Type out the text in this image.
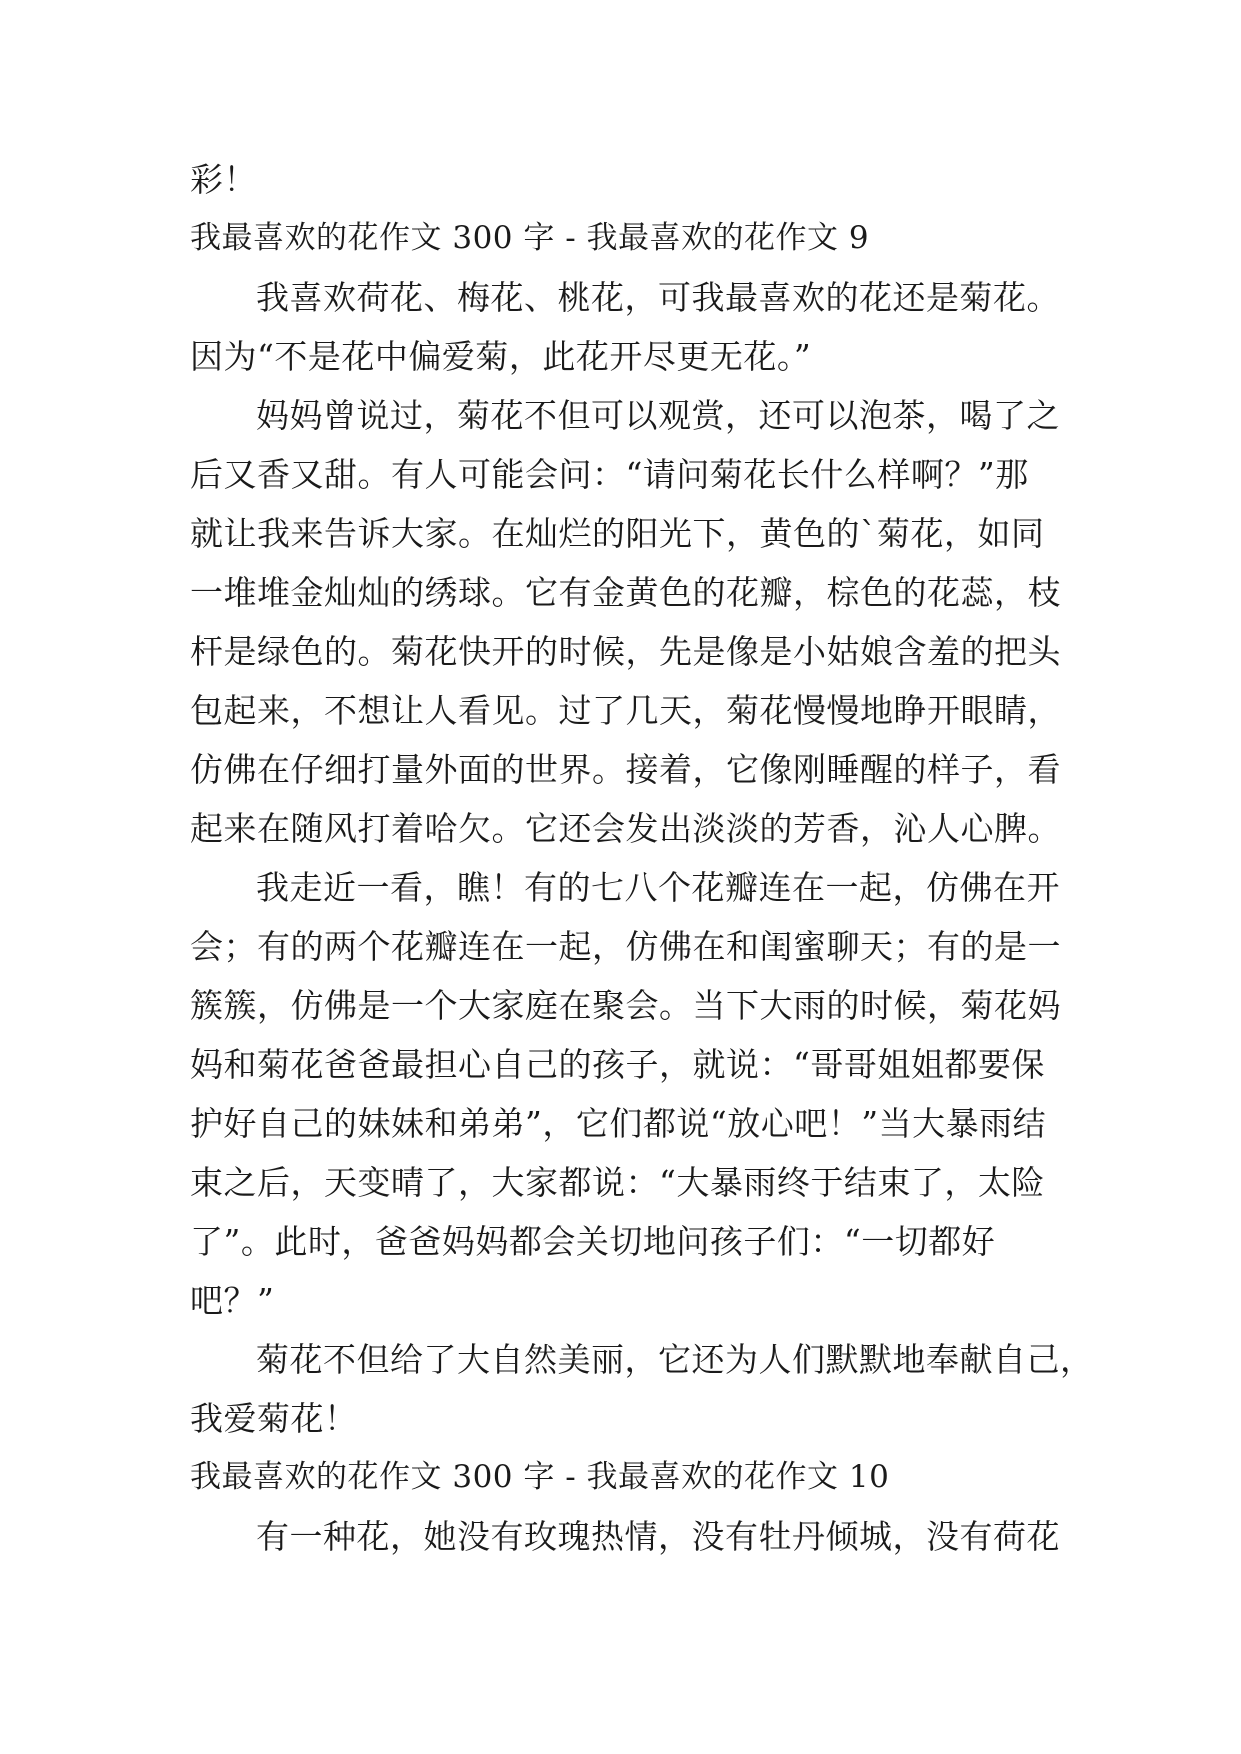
彩！
我最喜欢的花作文 300 字 - 我最喜欢的花作文 9
我喜欢荷花、梅花、桃花，可我最喜欢的花还是菊花。
因为“不是花中偏爱菊，此花开尽更无花。”
妈妈曾说过，菊花不但可以观赏，还可以泡茶，喝了之
后又香又甜。有人可能会问：“请问菊花长什么样啊？”那
就让我来告诉大家。在灿烂的阳光下，黄色的`菊花，如同
一堆堆金灿灿的绣球。它有金黄色的花瓣，棕色的花蕊，枝
杆是绿色的。菊花快开的时候，先是像是小姑娘含羞的把头
包起来，不想让人看见。过了几天，菊花慢慢地睁开眼睛，
仿佛在仔细打量外面的世界。接着，它像刚睡醒的样子，看
起来在随风打着哈欠。它还会发出淡淡的芳香，沁人心脾。
我走近一看，瞧！有的七八个花瓣连在一起，仿佛在开
会；有的两个花瓣连在一起，仿佛在和闺蜜聊天；有的是一
簇簇，仿佛是一个大家庭在聚会。当下大雨的时候，菊花妈
妈和菊花爸爸最担心自己的孩子，就说：“哥哥姐姐都要保
护好自己的妹妹和弟弟”，它们都说“放心吧！”当大暴雨结
束之后，天变晴了，大家都说：“大暴雨终于结束了，太险
了”。此时，爸爸妈妈都会关切地问孩子们：“一切都好
吧？”
菊花不但给了大自然美丽，它还为人们默默地奉献自己，
我爱菊花！
我最喜欢的花作文 300 字 - 我最喜欢的花作文 10
有一种花，她没有玫瑰热情，没有牡丹倾城，没有荷花
